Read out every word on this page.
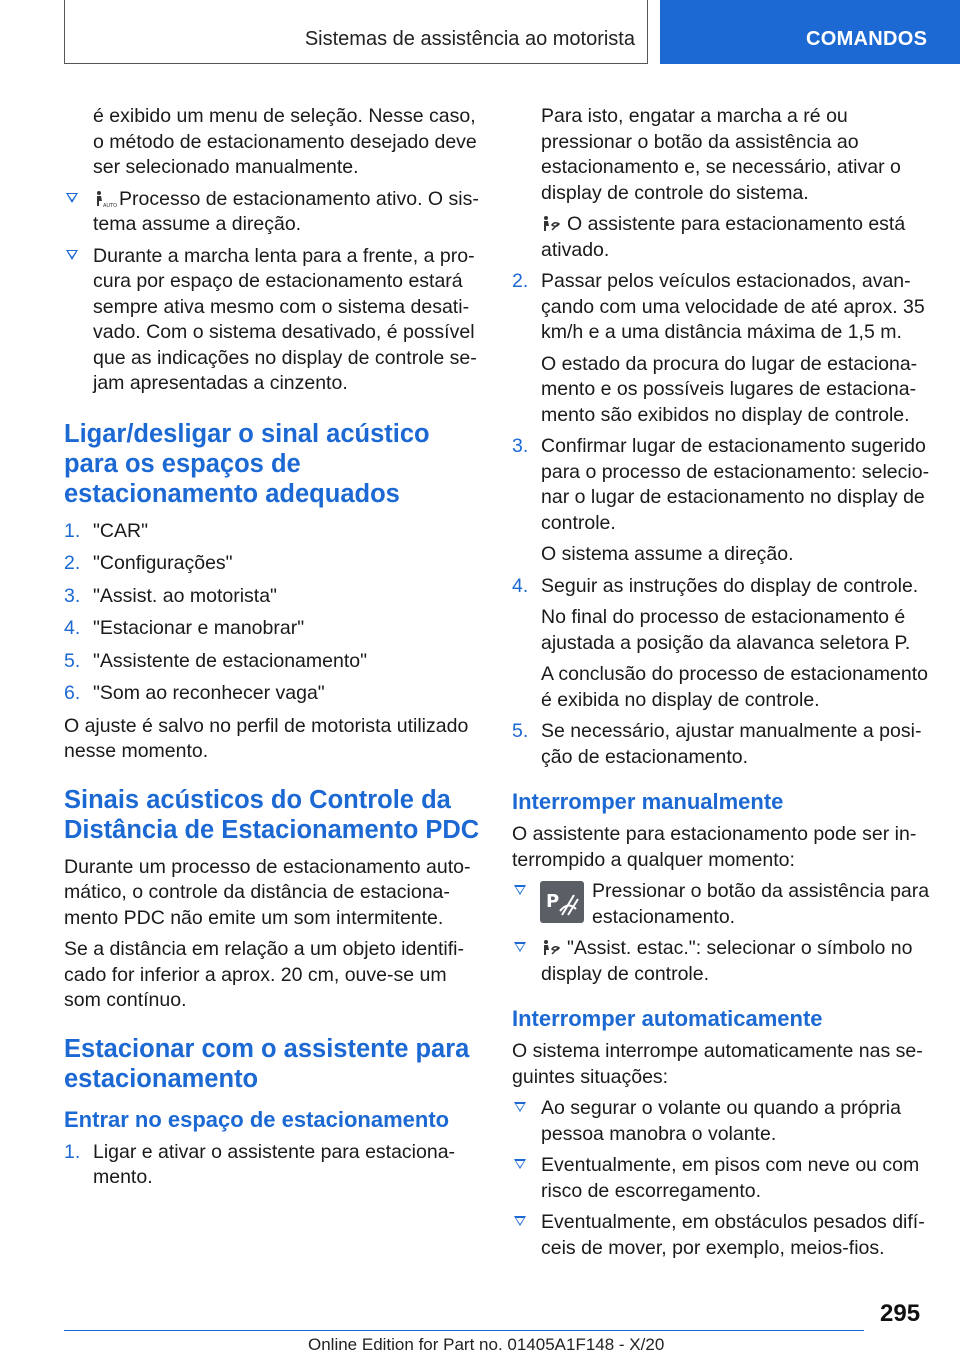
Sistemas de assistência ao motorista	COMANDOS

é exibido um menu de seleção. Nesse caso, o método de estacionamento desejado deve ser selecionado manualmente.

AUTO Processo de estacionamento ativo. O sistema assume a direção.
Durante a marcha lenta para a frente, a procura por espaço de estacionamento estará sempre ativa mesmo com o sistema desativado. Com o sistema desativado, é possível que as indicações no display de controle sejam apresentadas a cinzento.
Ligar/desligar o sinal acústico para os espaços de estacionamento adequados
1. "CAR"
2. "Configurações"
3. "Assist. ao motorista"
4. "Estacionar e manobrar"
5. "Assistente de estacionamento"
6. "Som ao reconhecer vaga"

O ajuste é salvo no perfil de motorista utilizado nesse momento.

Sinais acústicos do Controle da Distância de Estacionamento PDC

Durante um processo de estacionamento automático, o controle da distância de estacionamento PDC não emite um som intermitente.

Se a distância em relação a um objeto identificado for inferior a aprox. 20 cm, ouve-se um som contínuo.

Estacionar com o assistente para estacionamento
Entrar no espaço de estacionamento
1. Ligar e ativar o assistente para estacionamento.

Para isto, engatar a marcha a ré ou pressionar o botão da assistência ao estacionamento e, se necessário, ativar o display de controle do sistema.

O assistente para estacionamento está ativado.

2. Passar pelos veículos estacionados, avançando com uma velocidade de até aprox. 35 km/h e a uma distância máxima de 1,5 m.

O estado da procura do lugar de estacionamento e os possíveis lugares de estacionamento são exibidos no display de controle.

3. Confirmar lugar de estacionamento sugerido para o processo de estacionamento: selecionar o lugar de estacionamento no display de controle.

O sistema assume a direção.

4. Seguir as instruções do display de controle.

No final do processo de estacionamento é ajustada a posição da alavanca seletora P.

A conclusão do processo de estacionamento é exibida no display de controle.

5. Se necessário, ajustar manualmente a posição de estacionamento.
Interromper manualmente

O assistente para estacionamento pode ser interrompido a qualquer momento:

P Pressionar o botão da assistência para estacionamento.
"Assist. estac.": selecionar o símbolo no display de controle.
Interromper automaticamente

O sistema interrompe automaticamente nas seguintes situações:

Ao segurar o volante ou quando a própria pessoa manobra o volante.
Eventualmente, em pisos com neve ou com risco de escorregamento.
Eventualmente, em obstáculos pesados difíceis de mover, por exemplo, meios-fios.
295
Online Edition for Part no. 01405A1F148 - X/20
